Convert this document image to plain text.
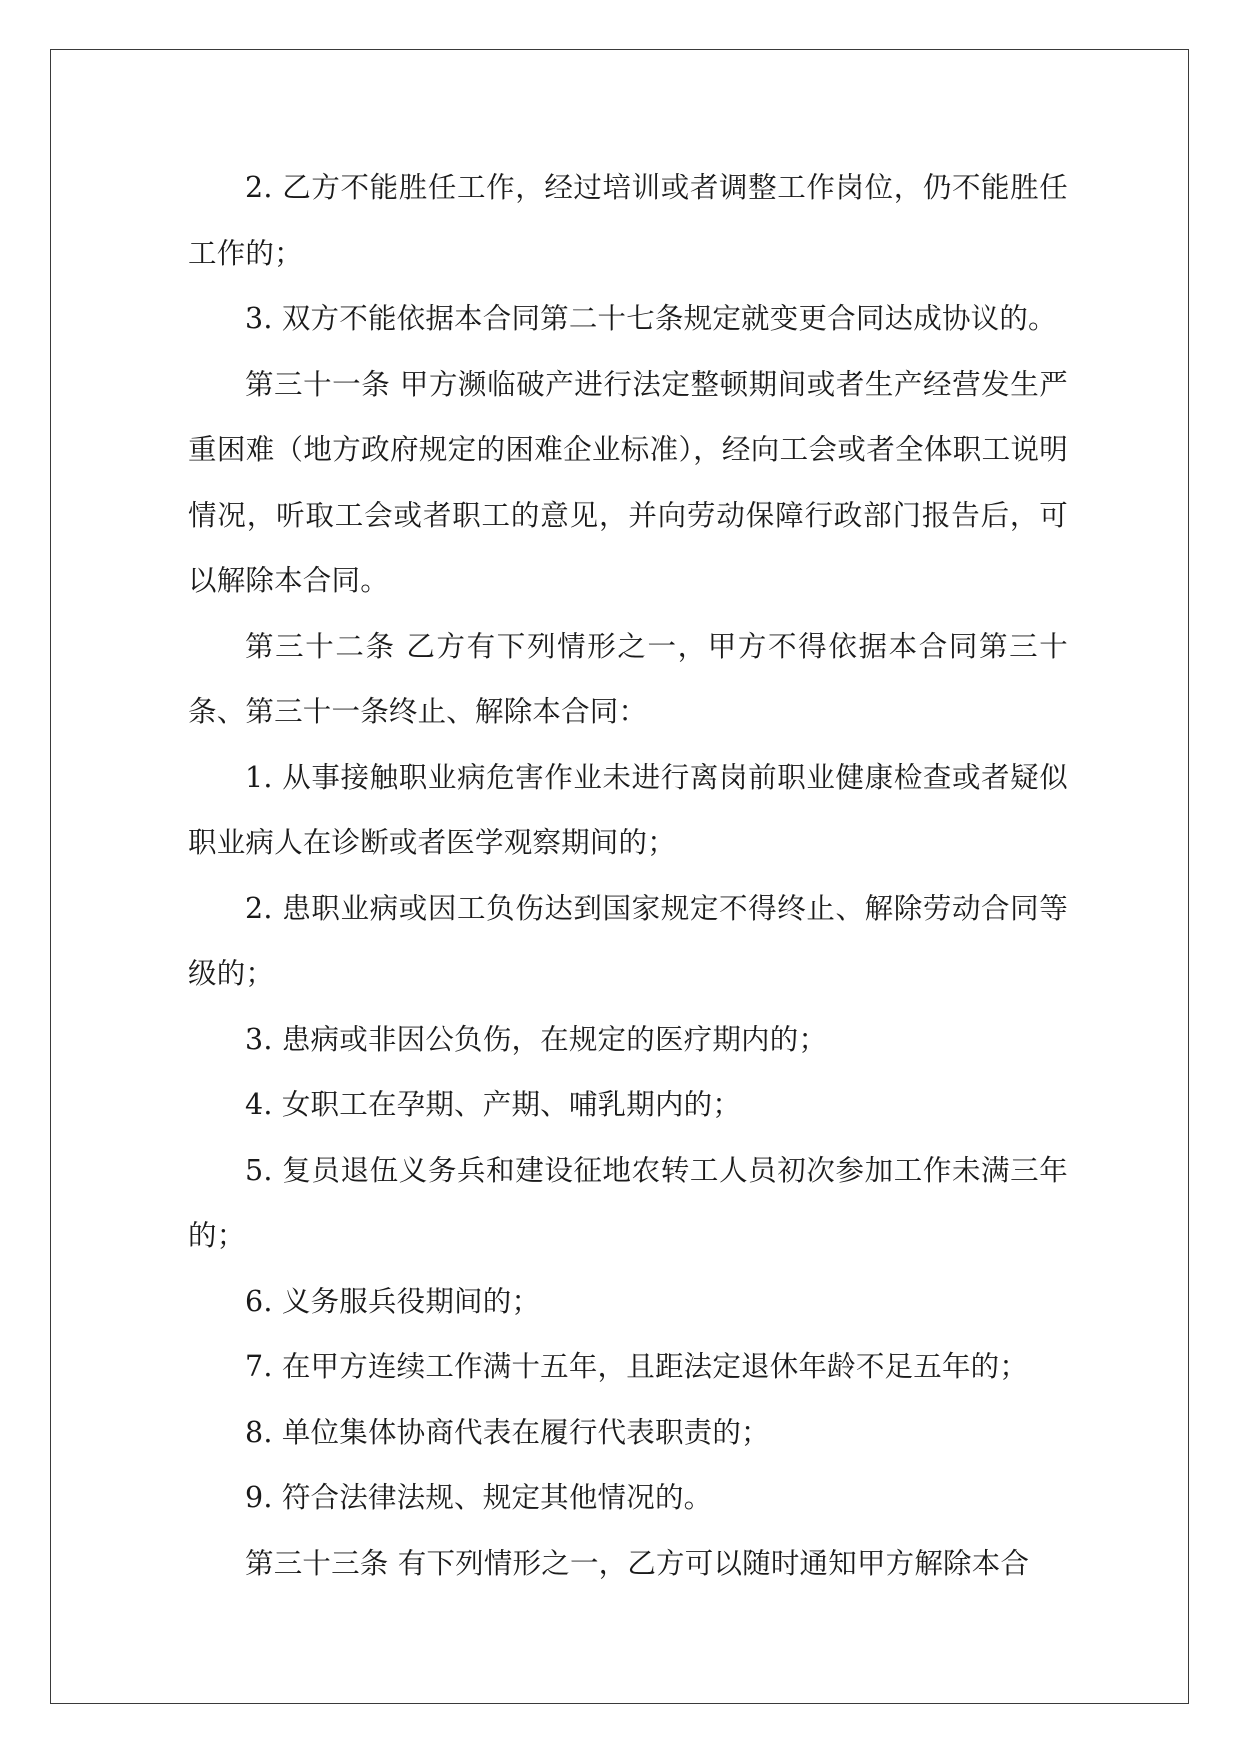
2. 乙方不能胜任工作，经过培训或者调整工作岗位，仍不能胜任工作的；

3. 双方不能依据本合同第二十七条规定就变更合同达成协议的。

第三十一条 甲方濒临破产进行法定整顿期间或者生产经营发生严重困难（地方政府规定的困难企业标准），经向工会或者全体职工说明情况，听取工会或者职工的意见，并向劳动保障行政部门报告后，可以解除本合同。

第三十二条 乙方有下列情形之一，甲方不得依据本合同第三十条、第三十一条终止、解除本合同：

1. 从事接触职业病危害作业未进行离岗前职业健康检查或者疑似职业病人在诊断或者医学观察期间的；

2. 患职业病或因工负伤达到国家规定不得终止、解除劳动合同等级的；

3. 患病或非因公负伤，在规定的医疗期内的；

4. 女职工在孕期、产期、哺乳期内的；

5. 复员退伍义务兵和建设征地农转工人员初次参加工作未满三年的；

6. 义务服兵役期间的；

7. 在甲方连续工作满十五年，且距法定退休年龄不足五年的；

8. 单位集体协商代表在履行代表职责的；

9. 符合法律法规、规定其他情况的。

第三十三条 有下列情形之一，乙方可以随时通知甲方解除本合
